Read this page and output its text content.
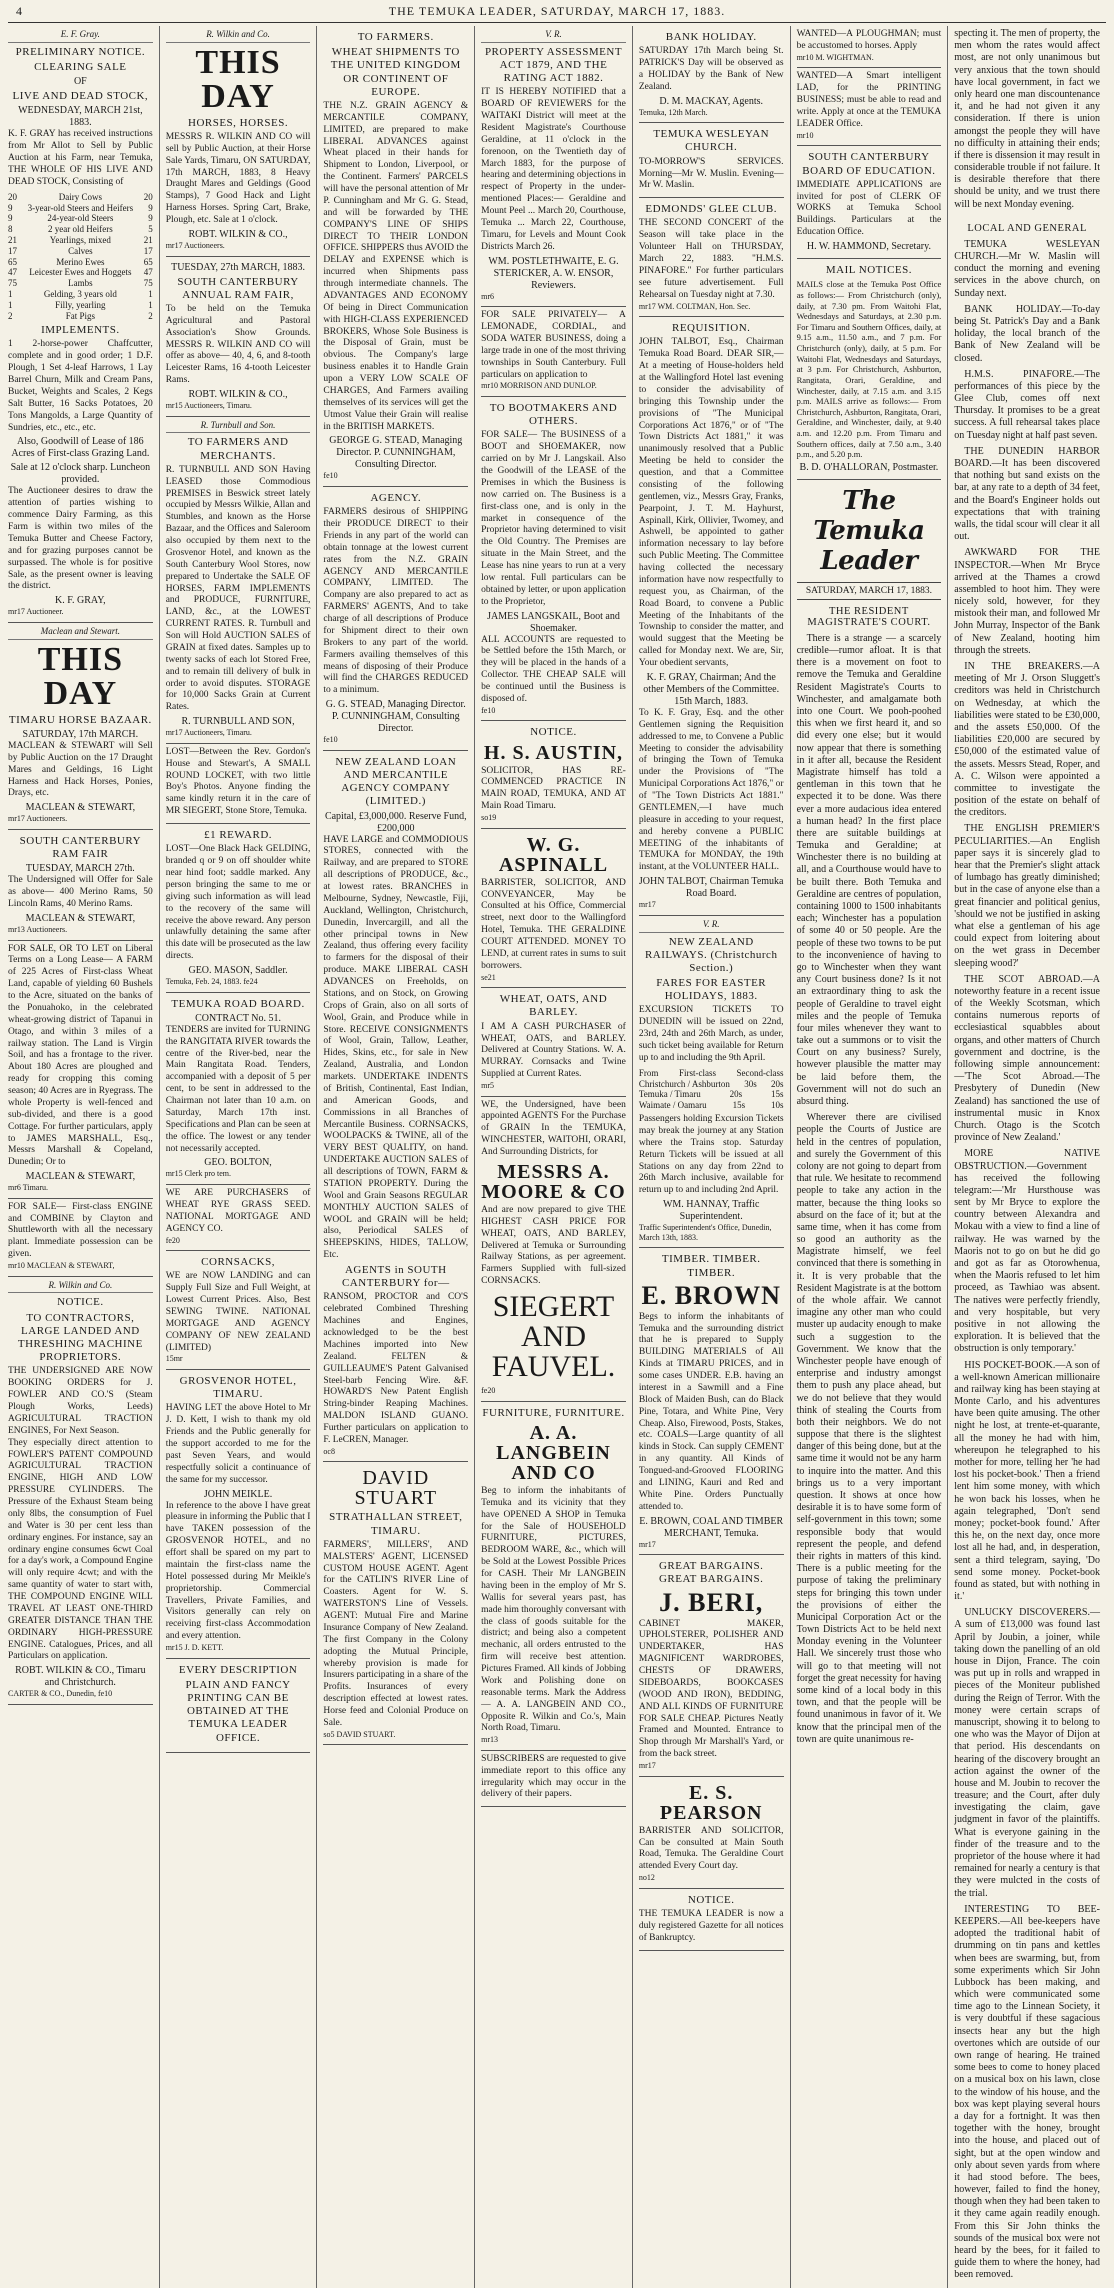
4	THE TEMUKA LEADER, SATURDAY, MARCH 17, 1883.
E. F. Gray.
PRELIMINARY NOTICE.
CLEARING SALE
OF
LIVE AND DEAD STOCK,
WEDNESDAY, MARCH 21st, 1883.
K. F. GRAY has received instructions from Mr Allot to Sell by Public Auction at his Farm, near Temuka, THE WHOLE OF HIS LIVE AND DEAD STOCK, Consisting of
20	Dairy Cows	20
9 3-year-old Steers and Heifers 9
9	24-year-old Steers	9
8	2 year old Heifers	5
21	Yearlings, mixed	21
17	Calves	17
65	Merino Ewes	65
47 Leicester Ewes and Hoggets 47
75	Lambs	75
1	Gelding, 3 years old	1
1	Filly, yearling	1
2	Fat Pigs	2
IMPLEMENTS.
1 2-horse-power Chaffcutter, complete and in good order; 1 D.F. Plough, 1 Set 4-leaf Harrows, 1 Lay Barrel Churn, Milk and Cream Pans, Bucket, Weights and Scales, 2 Kegs Salt Butter, 16 Sacks Potatoes, 20 Tons Mangolds, a Large Quantity of Sundries, etc., etc., etc.
Also, Goodwill of Lease of 186 Acres of First-class Grazing Land.
Sale at 12 o'clock sharp. Luncheon provided.
The Auctioneer desires to draw the attention of parties wishing to commence Dairy Farming, as this Farm is within two miles of the Temuka Butter and Cheese Factory, and for grazing purposes cannot be surpassed. The whole is for positive Sale, as the present owner is leaving the district.
K. F. GRAY,
mr17 Auctioneer.
Maclean and Stewart.
THIS DAY
TIMARU HORSE BAZAAR.
SATURDAY, 17th MARCH.
MACLEAN & STEWART will Sell by Public Auction on the 17 Draught Mares and Geldings, 16 Light Harness and Hack Horses, Ponies, Drays, etc.
MACLEAN & STEWART,
mr17 Auctioneers.
SOUTH CANTERBURY RAM FAIR
TUESDAY, MARCH 27th.
The Undersigned will Offer for Sale as above— 400 Merino Rams, 50 Lincoln Rams, 40 Merino Rams.
MACLEAN & STEWART,
mr13 Auctioneers.
FOR SALE, OR TO LET on Liberal Terms on a Long Lease— A FARM of 225 Acres of First-class Wheat Land, capable of yielding 60 Bushels to the Acre, situated on the banks of the Ponuahoko, in the celebrated wheat-growing district of Tapanui in Otago, and within 3 miles of a railway station. The Land is Virgin Soil, and has a frontage to the river. About 180 Acres are ploughed and ready for cropping this coming season; 40 Acres are in Ryegrass. The whole Property is well-fenced and sub-divided, and there is a good Cottage. For further particulars, apply to JAMES MARSHALL, Esq., Messrs Marshall & Copeland, Dunedin; Or to
MACLEAN & STEWART,
mr6 Timaru.
FOR SALE— First-class ENGINE and COMBINE by Clayton and Shuttleworth with all the necessary plant. Immediate possession can be given.
mr10 MACLEAN & STEWART,
R. Wilkin and Co.
NOTICE.
TO CONTRACTORS, LARGE LANDED AND THRESHING MACHINE PROPRIETORS.
THE UNDERSIGNED ARE NOW BOOKING ORDERS for J. FOWLER AND CO.'S (Steam Plough Works, Leeds) AGRICULTURAL TRACTION ENGINES, For Next Season.
They especially direct attention to FOWLER'S PATENT COMPOUND AGRICULTURAL TRACTION ENGINE, HIGH AND LOW PRESSURE CYLINDERS. The Pressure of the Exhaust Steam being only 8lbs, the consumption of Fuel and Water is 30 per cent less than ordinary engines. For instance, say an ordinary engine consumes 6cwt Coal for a day's work, a Compound Engine will only require 4cwt; and with the same quantity of water to start with, THE COMPOUND ENGINE WILL TRAVEL AT LEAST ONE-THIRD GREATER DISTANCE THAN THE ORDINARY HIGH-PRESSURE ENGINE. Catalogues, Prices, and all Particulars on application.
ROBT. WILKIN & CO., Timaru and Christchurch.
CARTER & CO., Dunedin, fe10
R. Wilkin and Co.
THIS DAY
HORSES, HORSES.
MESSRS R. WILKIN AND CO will sell by Public Auction, at their Horse Sale Yards, Timaru, ON SATURDAY, 17th MARCH, 1883, 8 Heavy Draught Mares and Geldings (Good Stamps), 7 Good Hack and Light Harness Horses. Spring Cart, Brake, Plough, etc. Sale at 1 o'clock.
ROBT. WILKIN & CO.,
mr17 Auctioneers.
TUESDAY, 27th MARCH, 1883.
SOUTH CANTERBURY ANNUAL RAM FAIR,
To be held on the Temuka Agricultural and Pastoral Association's Show Grounds. MESSRS R. WILKIN AND CO will offer as above— 40, 4, 6, and 8-tooth Leicester Rams, 16 4-tooth Leicester Rams.
ROBT. WILKIN & CO.,
mr15 Auctioneers, Timaru.
R. Turnbull and Son.
TO FARMERS AND MERCHANTS.
R. TURNBULL AND SON Having LEASED those Commodious PREMISES in Beswick street lately occupied by Messrs Wilkie, Allan and Stumbles, and known as the Horse Bazaar, and the Offices and Saleroom also occupied by them next to the Grosvenor Hotel, and known as the South Canterbury Wool Stores, now prepared to Undertake the SALE OF HORSES, FARM IMPLEMENTS and PRODUCE, FURNITURE, LAND, &c., at the LOWEST CURRENT RATES. R. Turnbull and Son will Hold AUCTION SALES of GRAIN at fixed dates. Samples up to twenty sacks of each lot Stored Free, and to remain till delivery of bulk in order to avoid disputes. STORAGE for 10,000 Sacks Grain at Current Rates.
R. TURNBULL AND SON,
mr17 Auctioneers, Timaru.
LOST—Between the Rev. Gordon's House and Stewart's, A SMALL ROUND LOCKET, with two little Boy's Photos. Anyone finding the same kindly return it in the care of MR SIEGERT, Stone Store, Temuka.
£1 REWARD.
LOST—One Black Hack GELDING, branded q or 9 on off shoulder white near hind foot; saddle marked. Any person bringing the same to me or giving such information as will lead to the recovery of the same will receive the above reward. Any person unlawfully detaining the same after this date will be prosecuted as the law directs.
GEO. MASON, Saddler.
Temuka, Feb. 24, 1883. fe24
TEMUKA ROAD BOARD.
CONTRACT No. 51.
TENDERS are invited for TURNING the RANGITATA RIVER towards the centre of the River-bed, near the Main Rangitata Road. Tenders, accompanied with a deposit of 5 per cent, to be sent in addressed to the Chairman not later than 10 a.m. on Saturday, March 17th inst. Specifications and Plan can be seen at the office. The lowest or any tender not necessarily accepted.
GEO. BOLTON,
mr15 Clerk pro tem.
WE ARE PURCHASERS of WHEAT RYE GRASS SEED. NATIONAL MORTGAGE AND AGENCY CO.
fe20
CORNSACKS,
WE are NOW LANDING and can Supply Full Size and Full Weight, at Lowest Current Prices. Also, Best SEWING TWINE. NATIONAL MORTGAGE AND AGENCY COMPANY OF NEW ZEALAND (LIMITED)
15mr
GROSVENOR HOTEL, TIMARU.
HAVING LET the above Hotel to Mr J. D. Kett, I wish to thank my old Friends and the Public generally for the support accorded to me for the past Seven Years, and would respectfully solicit a continuance of the same for my successor.
JOHN MEIKLE.
In reference to the above I have great pleasure in informing the Public that I have TAKEN possession of the GROSVENOR HOTEL, and no effort shall be spared on my part to maintain the first-class name the Hotel possessed during Mr Meikle's proprietorship. Commercial Travellers, Private Families, and Visitors generally can rely on receiving first-class Accommodation and every attention.
mr15 J. D. KETT.
EVERY DESCRIPTION
PLAIN AND FANCY PRINTING CAN BE OBTAINED AT THE TEMUKA LEADER OFFICE.
TO FARMERS.
WHEAT SHIPMENTS TO THE UNITED KINGDOM OR CONTINENT OF EUROPE.
THE N.Z. GRAIN AGENCY & MERCANTILE COMPANY, LIMITED, are prepared to make LIBERAL ADVANCES against Wheat placed in their hands for Shipment to London, Liverpool, or the Continent. Farmers' PARCELS will have the personal attention of Mr P. Cunningham and Mr G. G. Stead, and will be forwarded by THE COMPANY'S LINE OF SHIPS DIRECT TO THEIR LONDON OFFICE. SHIPPERS thus AVOID the DELAY and EXPENSE which is incurred when Shipments pass through intermediate channels. The ADVANTAGES AND ECONOMY Of being in Direct Communication with HIGH-CLASS EXPERIENCED BROKERS, Whose Sole Business is the Disposal of Grain, must be obvious. The Company's large business enables it to Handle Grain upon a VERY LOW SCALE OF CHARGES, And Farmers availing themselves of its services will get the Utmost Value their Grain will realise in the BRITISH MARKETS.
GEORGE G. STEAD, Managing Director. P. CUNNINGHAM, Consulting Director.
fe10
AGENCY.
FARMERS desirous of SHIPPING their PRODUCE DIRECT to their Friends in any part of the world can obtain tonnage at the lowest current rates from the N.Z. GRAIN AGENCY AND MERCANTILE COMPANY, LIMITED. The Company are also prepared to act as FARMERS' AGENTS, And to take charge of all descriptions of Produce for Shipment direct to their own Brokers to any part of the world. Farmers availing themselves of this means of disposing of their Produce will find the CHARGES REDUCED to a minimum.
G. G. STEAD, Managing Director. P. CUNNINGHAM, Consulting Director.
fe10
NEW ZEALAND LOAN AND MERCANTILE AGENCY COMPANY (LIMITED.)
Capital, £3,000,000. Reserve Fund, £200,000
HAVE LARGE and COMMODIOUS STORES, connected with the Railway, and are prepared to STORE all descriptions of PRODUCE, &c., at lowest rates. BRANCHES in Melbourne, Sydney, Newcastle, Fiji, Auckland, Wellington, Christchurch, Dunedin, Invercargill, and all the other principal towns in New Zealand, thus offering every facility to farmers for the disposal of their produce. MAKE LIBERAL CASH ADVANCES on Freeholds, on Stations, and on Stock, on Growing Crops of Grain, also on all sorts of Wool, Grain, and Produce while in Store. RECEIVE CONSIGNMENTS of Wool, Grain, Tallow, Leather, Hides, Skins, etc., for sale in New Zealand, Australia, and London markets. UNDERTAKE INDENTS of British, Continental, East Indian, and American Goods, and Commissions in all Branches of Mercantile Business. CORNSACKS, WOOLPACKS & TWINE, all of the VERY BEST QUALITY, on hand. UNDERTAKE AUCTION SALES of all descriptions of TOWN, FARM & STATION PROPERTY. During the Wool and Grain Seasons REGULAR MONTHLY AUCTION SALES of WOOL and GRAIN will be held; also, Periodical SALES of SHEEPSKINS, HIDES, TALLOW, Etc.
AGENTS in SOUTH CANTERBURY for—
RANSOM, PROCTOR and CO'S celebrated Combined Threshing Machines and Engines, acknowledged to be the best Machines imported into New Zealand. FELTEN & GUILLEAUME'S Patent Galvanised Steel-barb Fencing Wire. &F. HOWARD'S New Patent English String-binder Reaping Machines. MALDON ISLAND GUANO. Further particulars on application to F. LeCREN, Manager.
oc8
DAVID STUART
STRATHALLAN STREET, TIMARU.
FARMERS', MILLERS', AND MALSTERS' AGENT, LICENSED CUSTOM HOUSE AGENT. Agent for the CATLIN'S RIVER Line of Coasters. Agent for W. S. WATERSTON'S Line of Vessels. AGENT: Mutual Fire and Marine Insurance Company of New Zealand. The first Company in the Colony adopting the Mutual Principle, whereby provision is made for Insurers participating in a share of the Profits. Insurances of every description effected at lowest rates. Horse feed and Colonial Produce on Sale.
so5 DAVID STUART.
V. R.
PROPERTY ASSESSMENT ACT 1879, AND THE RATING ACT 1882.
IT IS HEREBY NOTIFIED that a BOARD OF REVIEWERS for the WAITAKI District will meet at the Resident Magistrate's Courthouse Geraldine, at 11 o'clock in the forenoon, on the Twentieth day of March 1883, for the purpose of hearing and determining objections in respect of Property in the under-mentioned Places:— Geraldine and Mount Peel ... March 20, Courthouse, Temuka ... March 22, Courthouse, Timaru, for Levels and Mount Cook Districts March 26.
WM. POSTLETHWAITE, E. G. STERICKER, A. W. ENSOR, Reviewers.
mr6
FOR SALE PRIVATELY— A LEMONADE, CORDIAL, and SODA WATER BUSINESS, doing a large trade in one of the most thriving townships in South Canterbury. Full particulars on application to
mr10 MORRISON AND DUNLOP.
TO BOOTMAKERS AND OTHERS.
FOR SALE— The BUSINESS of a BOOT and SHOEMAKER, now carried on by Mr J. Langskail. Also the Goodwill of the LEASE of the Premises in which the Business is now carried on. The Business is a first-class one, and is only in the market in consequence of the Proprietor having determined to visit the Old Country. The Premises are situate in the Main Street, and the Lease has nine years to run at a very low rental. Full particulars can be obtained by letter, or upon application to the Proprietor,
JAMES LANGSKAIL, Boot and Shoemaker.
ALL ACCOUNTS are requested to be Settled before the 15th March, or they will be placed in the hands of a Collector. THE CHEAP SALE will be continued until the Business is disposed of.
fe10
NOTICE.
H. S. AUSTIN,
SOLICITOR, HAS RE-COMMENCED PRACTICE IN MAIN ROAD, TEMUKA, AND AT Main Road Timaru.
so19
W. G. ASPINALL
BARRISTER, SOLICITOR, AND CONVEYANCER, May be Consulted at his Office, Commercial street, next door to the Wallingford Hotel, Temuka. THE GERALDINE COURT ATTENDED. MONEY TO LEND, at current rates in sums to suit borrowers.
se21
WHEAT, OATS, AND BARLEY.
I AM A CASH PURCHASER of WHEAT, OATS, and BARLEY. Delivered at Country Stations. W. A. MURRAY. Cornsacks and Twine Supplied at Current Rates.
mr5
WE, the Undersigned, have been appointed AGENTS For the Purchase of GRAIN In the TEMUKA, WINCHESTER, WAITOHI, ORARI, And Surrounding Districts, for
MESSRS A. MOORE & CO
And are now prepared to give THE HIGHEST CASH PRICE FOR WHEAT, OATS, AND BARLEY, Delivered at Temuka or Surrounding Railway Stations, as per agreement. Farmers Supplied with full-sized CORNSACKS.
SIEGERT AND FAUVEL.
fe20
FURNITURE, FURNITURE.
A. A. LANGBEIN AND CO
Beg to inform the inhabitants of Temuka and its vicinity that they have OPENED A SHOP in Temuka for the Sale of HOUSEHOLD FURNITURE, PICTURES, BEDROOM WARE, &c., which will be Sold at the Lowest Possible Prices for CASH. Their Mr LANGBEIN having been in the employ of Mr S. Wallis for several years past, has made him thoroughly conversant with the class of goods suitable for the district; and being also a competent mechanic, all orders entrusted to the firm will receive best attention. Pictures Framed. All kinds of Jobbing Work and Polishing done on reasonable terms. Mark the Address— A. A. LANGBEIN AND CO., Opposite R. Wilkin and Co.'s, Main North Road, Timaru.
mr13
SUBSCRIBERS are requested to give immediate report to this office any irregularity which may occur in the delivery of their papers.
BANK HOLIDAY.
SATURDAY 17th March being St. PATRICK'S Day will be observed as a HOLIDAY by the Bank of New Zealand.
D. M. MACKAY, Agents.
Temuka, 12th March.
TEMUKA WESLEYAN CHURCH.
TO-MORROW'S SERVICES. Morning—Mr W. Muslin. Evening—Mr W. Maslin.
EDMONDS' GLEE CLUB.
THE SECOND CONCERT of the Season will take place in the Volunteer Hall on THURSDAY, March 22, 1883. "H.M.S. PINAFORE." For further particulars see future advertisement. Full Rehearsal on Tuesday night at 7.30.
mr17 WM. COLTMAN, Hon. Sec.
REQUISITION.
JOHN TALBOT, Esq., Chairman Temuka Road Board. DEAR SIR,—At a meeting of House-holders held at the Wallingford Hotel last evening to consider the advisability of bringing this Township under the provisions of "The Municipal Corporations Act 1876," or of "The Town Districts Act 1881," it was unanimously resolved that a Public Meeting be held to consider the question, and that a Committee consisting of the following gentlemen, viz., Messrs Gray, Franks, Pearpoint, J. T. M. Hayhurst, Aspinall, Kirk, Ollivier, Twomey, and Ashwell, be appointed to gather information necessary to lay before such Public Meeting. The Committee having collected the necessary information have now respectfully to request you, as Chairman, of the Road Board, to convene a Public Meeting of the Inhabitants of the Township to consider the matter, and would suggest that the Meeting be called for Monday next. We are, Sir, Your obedient servants,
K. F. GRAY, Chairman; And the other Members of the Committee. 15th March, 1883.
To K. F. Gray, Esq. and the other Gentlemen signing the Requisition addressed to me, to Convene a Public Meeting to consider the advisability of bringing the Town of Temuka under the Provisions of "The Municipal Corporations Act 1876," or of "The Town Districts Act 1881." GENTLEMEN,—I have much pleasure in acceding to your request, and hereby convene a PUBLIC MEETING of the inhabitants of TEMUKA for MONDAY, the 19th instant, at the VOLUNTEER HALL.
JOHN TALBOT, Chairman Temuka Road Board.
mr17
V. R.
NEW ZEALAND RAILWAYS. (Christchurch Section.)
FARES FOR EASTER HOLIDAYS, 1883.
EXCURSION TICKETS TO DUNEDIN will be issued on 22nd, 23rd, 24th and 26th March, as under, such ticket being available for Return up to and including the 9th April.
From First-class Second-class
Christchurch / Ashburton 30s 20s
Temuka / Timaru	20s	15s
Waimate / Oamaru	15s	10s
Passengers holding Excursion Tickets may break the journey at any Station where the Trains stop. Saturday Return Tickets will be issued at all Stations on any day from 22nd to 26th March inclusive, available for return up to and including 2nd April.
WM. HANNAY, Traffic Superintendent.
Traffic Superintendent's Office, Dunedin, March 13th, 1883.
TIMBER. TIMBER. TIMBER.
E. BROWN
Begs to inform the inhabitants of Temuka and the surrounding district that he is prepared to Supply BUILDING MATERIALS of All Kinds at TIMARU PRICES, and in some cases UNDER. E.B. having an interest in a Sawmill and a Fine Block of Maiden Bush, can do Black Pine, Totara, and White Pine, Very Cheap. Also, Firewood, Posts, Stakes, etc. COALS—Large quantity of all kinds in Stock. Can supply CEMENT in any quantity. All Kinds of Tongued-and-Grooved FLOORING and LINING, Kauri and Red and White Pine. Orders Punctually attended to.
E. BROWN, COAL AND TIMBER MERCHANT, Temuka.
mr17
GREAT BARGAINS. GREAT BARGAINS.
J. BERI,
CABINET MAKER, UPHOLSTERER, POLISHER AND UNDERTAKER, HAS MAGNIFICENT WARDROBES, CHESTS OF DRAWERS, SIDEBOARDS, BOOKCASES (WOOD AND IRON), BEDDING, AND ALL KINDS OF FURNITURE FOR SALE CHEAP. Pictures Neatly Framed and Mounted. Entrance to Shop through Mr Marshall's Yard, or from the back street.
mr17
E. S. PEARSON
BARRISTER AND SOLICITOR, Can be consulted at Main South Road, Temuka. The Geraldine Court attended Every Court day.
no12
NOTICE.
THE TEMUKA LEADER is now a duly registered Gazette for all notices of Bankruptcy.
WANTED—A PLOUGHMAN; must be accustomed to horses. Apply
mr10 M. WIGHTMAN.
WANTED—A Smart intelligent LAD, for the PRINTING BUSINESS; must be able to read and write. Apply at once at the TEMUKA LEADER Office.
mr10
SOUTH CANTERBURY BOARD OF EDUCATION.
IMMEDIATE APPLICATIONS are invited for post of CLERK OF WORKS at Temuka School Buildings. Particulars at the Education Office.
H. W. HAMMOND, Secretary.
MAIL NOTICES.
MAILS close at the Temuka Post Office as follows:— From Christchurch (only), daily, at 7.30 pm. From Waitohi Flat, Wednesdays and Saturdays, at 2.30 p.m. For Timaru and Southern Offices, daily, at 9.15 a.m., 11.50 a.m., and 7 p.m. For Christchurch (only), daily, at 5 p.m. For Waitohi Flat, Wednesdays and Saturdays, at 3 p.m. For Christchurch, Ashburton, Rangitata, Orari, Geraldine, and Winchester, daily, at 7.15 a.m. and 3.15 p.m. MAILS arrive as follows:— From Christchurch, Ashburton, Rangitata, Orari, Geraldine, and Winchester, daily, at 9.40 a.m. and 12.20 p.m. From Timaru and Southern offices, daily at 7.50 a.m., 3.40 p.m., and 5.20 p.m.
B. D. O'HALLORAN, Postmaster.
The Temuka Leader
SATURDAY, MARCH 17, 1883.
THE RESIDENT MAGISTRATE'S COURT.

There is a strange — a scarcely credible—rumor afloat. It is that there is a movement on foot to remove the Temuka and Geraldine Resident Magistrate's Courts to Winchester, and amalgamate both into one Court. We pooh-poohed this when we first heard it, and so did every one else; but it would now appear that there is something in it after all, because the Resident Magistrate himself has told a gentleman in this town that he expected it to be done. Was there ever a more audacious idea entered a human head? In the first place there are suitable buildings at Temuka and Geraldine; at Winchester there is no building at all, and a Courthouse would have to be built there. Both Temuka and Geraldine are centres of population, containing 1000 to 1500 inhabitants each; Winchester has a population of some 40 or 50 people. Are the people of these two towns to be put to the inconvenience of having to go to Winchester when they want any Court business done? Is it not an extraordinary thing to ask the people of Geraldine to travel eight miles and the people of Temuka four miles whenever they want to take out a summons or to visit the Court on any business? Surely, however plausible the matter may be laid before them, the Government will not do such an absurd thing.

Wherever there are civilised people the Courts of Justice are held in the centres of population, and surely the Government of this colony are not going to depart from that rule. We hesitate to recommend people to take any action in the matter, because the thing looks so absurd on the face of it; but at the same time, when it has come from so good an authority as the Magistrate himself, we feel convinced that there is something in it. It is very probable that the Resident Magistrate is at the bottom of the whole affair. We cannot imagine any other man who could muster up audacity enough to make such a suggestion to the Government. We know that the Winchester people have enough of enterprise and industry amongst them to push any place ahead, but we do not believe that they would think of stealing the Courts from both their neighbors. We do not suppose that there is the slightest danger of this being done, but at the same time it would not be any harm to inquire into the matter. And this brings us to a very important question. It shows at once how desirable it is to have some form of self-government in this town; some responsible body that would represent the people, and defend their rights in matters of this kind. There is a public meeting for the purpose of taking the preliminary steps for bringing this town under the provisions of either the Municipal Corporation Act or the Town Districts Act to be held next Monday evening in the Volunteer Hall. We sincerely trust those who will go to that meeting will not forget the great necessity for having some kind of a local body in this town, and that the people will be found unanimous in favor of it. We know that the principal men of the town are quite unanimous re-

specting it. The men of property, the men whom the rates would affect most, are not only unanimous but very anxious that the town should have local government, in fact we only heard one man discountenance it, and he had not given it any consideration. If there is union amongst the people they will have no difficulty in attaining their ends; if there is dissension it may result in considerable trouble if not failure. It is desirable therefore that there should be unity, and we trust there will be next Monday evening.

LOCAL AND GENERAL

TEMUKA WESLEYAN CHURCH.—Mr W. Maslin will conduct the morning and evening services in the above church, on Sunday next.

BANK HOLIDAY.—To-day being St. Patrick's Day and a Bank holiday, the local branch of the Bank of New Zealand will be closed.

H.M.S. PINAFORE.—The performances of this piece by the Glee Club, comes off next Thursday. It promises to be a great success. A full rehearsal takes place on Tuesday night at half past seven.

THE DUNEDIN HARBOR BOARD.—It has been discovered that nothing but sand exists on the bar, at any rate to a depth of 34 feet, and the Board's Engineer holds out expectations that with training walls, the tidal scour will clear it all out.

AWKWARD FOR THE INSPECTOR.—When Mr Bryce arrived at the Thames a crowd assembled to hoot him. They were nicely sold, however, for they mistook their man, and followed Mr John Murray, Inspector of the Bank of New Zealand, hooting him through the streets.

IN THE BREAKERS.—A meeting of Mr J. Orson Sluggett's creditors was held in Christchurch on Wednesday, at which the liabilities were stated to be £30,000, and the assets £50,000. Of the liabilities £20,000 are secured by £50,000 of the estimated value of the assets. Messrs Stead, Roper, and A. C. Wilson were appointed a committee to investigate the position of the estate on behalf of the creditors.

THE ENGLISH PREMIER'S PECULIARITIES.—An English paper says it is sincerely glad to hear that the Premier's slight attack of lumbago has greatly diminished; but in the case of anyone else than a great financier and political genius, 'should we not be justified in asking what else a gentleman of his age could expect from loitering about on the wet grass in December sleeping wood?'

THE SCOT ABROAD.—A noteworthy feature in a recent issue of the Weekly Scotsman, which contains numerous reports of ecclesiastical squabbles about organs, and other matters of Church government and doctrine, is the following simple announcement:—'The Scot Abroad.—The Presbytery of Dunedin (New Zealand) has sanctioned the use of instrumental music in Knox Church. Otago is the Scotch province of New Zealand.'

MORE NATIVE OBSTRUCTION.—Government has received the following telegram:—'Mr Hursthouse was sent by Mr Bryce to explore the country between Alexandra and Mokau with a view to find a line of railway. He was warned by the Maoris not to go on but he did go and got as far as Otorowhenua, when the Maoris refused to let him proceed, as Tawhiao was absent. The natives were perfectly friendly, and very hospitable, but very positive in not allowing the exploration. It is believed that the obstruction is only temporary.'

HIS POCKET-BOOK.—A son of a well-known American millionaire and railway king has been staying at Monte Carlo, and his adventures have been quite amusing. The other night he lost, at trente-et-quarante, all the money he had with him, whereupon he telegraphed to his mother for more, telling her 'he had lost his pocket-book.' Then a friend lent him some money, with which he won back his losses, when he again telegraphed, 'Don't send money; pocket-book found.' After this he, on the next day, once more lost all he had, and, in desperation, sent a third telegram, saying, 'Do send some money. Pocket-book found as stated, but with nothing in it.'

UNLUCKY DISCOVERERS.—A sum of £13,000 was found last April by Joubin, a joiner, while taking down the panelling of an old house in Dijon, France. The coin was put up in rolls and wrapped in pieces of the Moniteur published during the Reign of Terror. With the money were certain scraps of manuscript, showing it to belong to one who was the Mayor of Dijon at that period. His descendants on hearing of the discovery brought an action against the owner of the house and M. Joubin to recover the treasure; and the Court, after duly investigating the claim, gave judgment in favor of the plaintiffs. What is everyone gaining in the finder of the treasure and to the proprietor of the house where it had remained for nearly a century is that they were mulcted in the costs of the trial.

INTERESTING TO BEE-KEEPERS.—All bee-keepers have adopted the traditional habit of drumming on tin pans and kettles when bees are swarming, but, from some experiments which Sir John Lubbock has been making, and which were communicated some time ago to the Linnean Society, it is very doubtful if these sagacious insects hear any but the high overtones which are outside of our own range of hearing. He trained some bees to come to honey placed on a musical box on his lawn, close to the window of his house, and the box was kept playing several hours a day for a fortnight. It was then together with the honey, brought into the house, and placed out of sight, but at the open window and only about seven yards from where it had stood before. The bees, however, failed to find the honey, though when they had been taken to it they came again readily enough. From this Sir John thinks the sounds of the musical box were not heard by the bees, for it failed to guide them to where the honey, had been removed.
